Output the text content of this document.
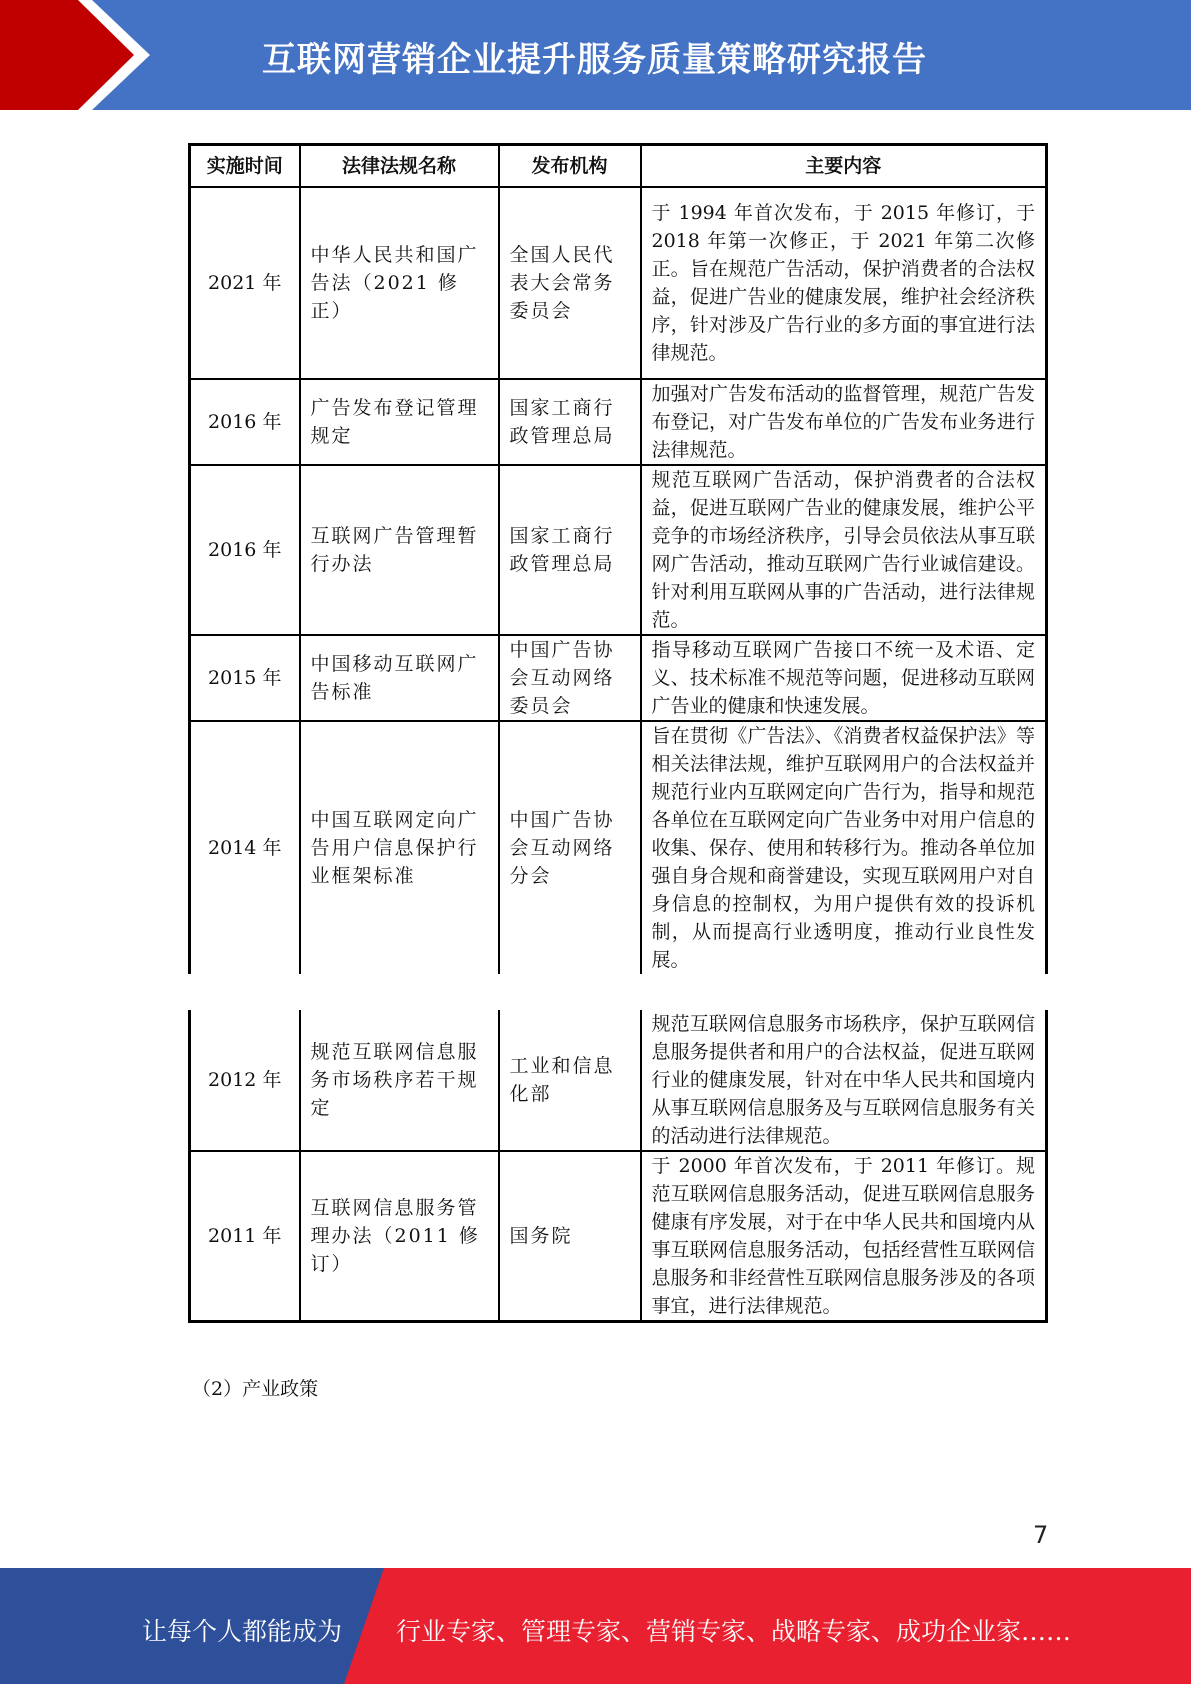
互联网营销企业提升服务质量策略研究报告
实施时间	法律法规名称	发布机构	主要内容
2021 年	中华人民共和国广告法（2021 修正）	全国人民代表大会常务委员会	于 1994 年首次发布，于 2015 年修订，于 2018 年第一次修正，于 2021 年第二次修正。旨在规范广告活动，保护消费者的合法权益，促进广告业的健康发展，维护社会经济秩序，针对涉及广告行业的多方面的事宜进行法律规范。
2016 年	广告发布登记管理规定	国家工商行政管理总局	加强对广告发布活动的监督管理，规范广告发布登记，对广告发布单位的广告发布业务进行法律规范。
2016 年	互联网广告管理暂行办法	国家工商行政管理总局	规范互联网广告活动，保护消费者的合法权益，促进互联网广告业的健康发展，维护公平竞争的市场经济秩序，引导会员依法从事互联网广告活动，推动互联网广告行业诚信建设。针对利用互联网从事的广告活动，进行法律规范。
2015 年	中国移动互联网广告标准	中国广告协会互动网络委员会	指导移动互联网广告接口不统一及术语、定义、技术标准不规范等问题，促进移动互联网广告业的健康和快速发展。
2014 年	中国互联网定向广告用户信息保护行业框架标准	中国广告协会互动网络分会	旨在贯彻《广告法》、《消费者权益保护法》等相关法律法规，维护互联网用户的合法权益并规范行业内互联网定向广告行为，指导和规范各单位在互联网定向广告业务中对用户信息的收集、保存、使用和转移行为。推动各单位加强自身合规和商誉建设，实现互联网用户对自身信息的控制权，为用户提供有效的投诉机制，从而提高行业透明度，推动行业良性发展。
2012 年	规范互联网信息服务市场秩序若干规定	工业和信息化部	规范互联网信息服务市场秩序，保护互联网信息服务提供者和用户的合法权益，促进互联网行业的健康发展，针对在中华人民共和国境内从事互联网信息服务及与互联网信息服务有关的活动进行法律规范。
2011 年	互联网信息服务管理办法（2011 修订）	国务院	于 2000 年首次发布，于 2011 年修订。规范互联网信息服务活动，促进互联网信息服务健康有序发展，对于在中华人民共和国境内从事互联网信息服务活动，包括经营性互联网信息服务和非经营性互联网信息服务涉及的各项事宜，进行法律规范。
（2）产业政策
7
让每个人都能成为 行业专家、管理专家、营销专家、战略专家、成功企业家……
